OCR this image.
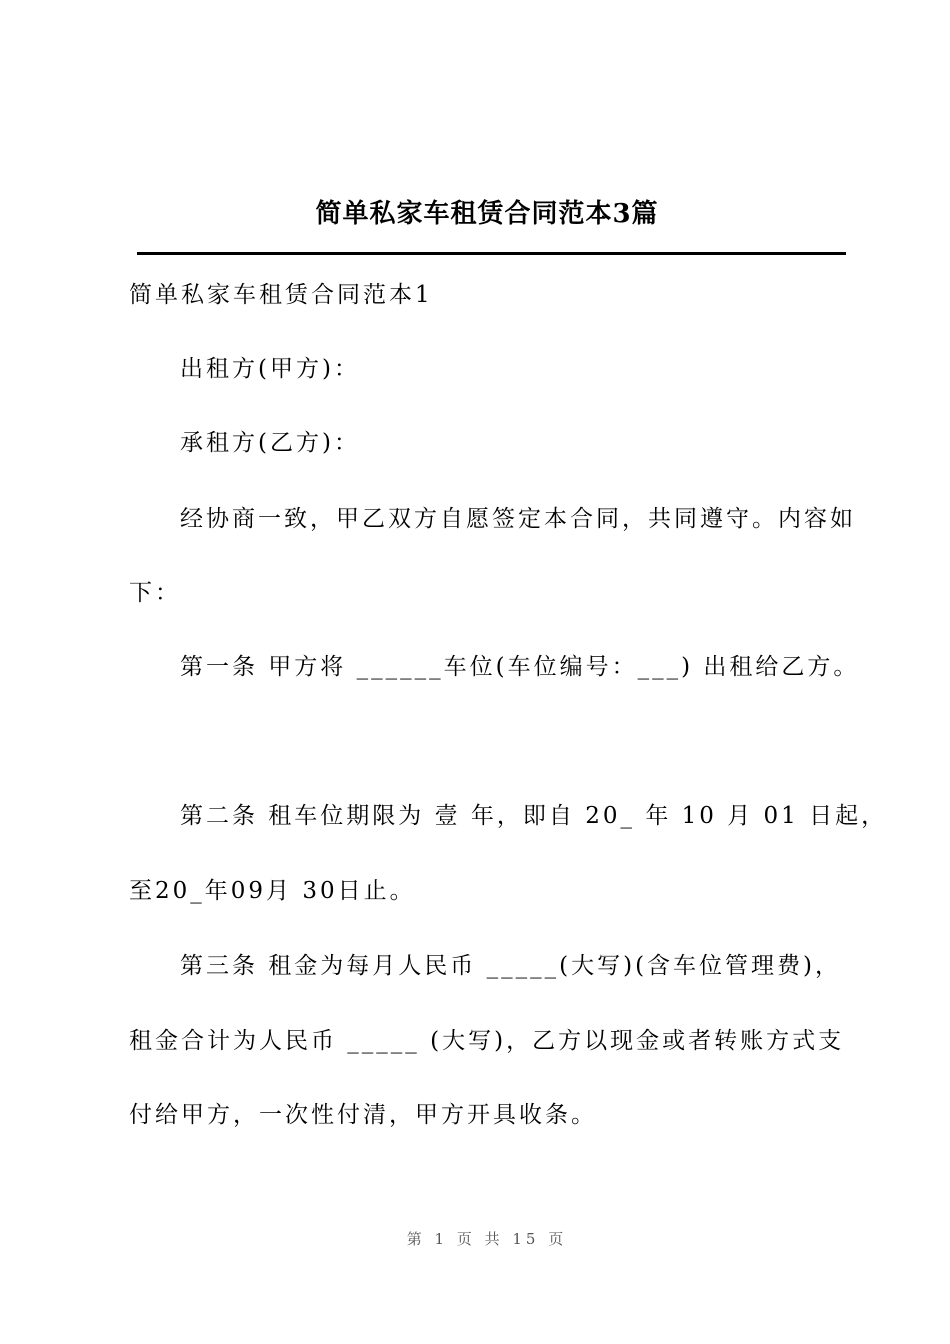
简单私家车租赁合同范本3篇
简单私家车租赁合同范本1
出租方(甲方)：
承租方(乙方)：
经协商一致，甲乙双方自愿签定本合同，共同遵守。内容如
下：
第一条 甲方将 ______车位(车位编号：___) 出租给乙方。
第二条 租车位期限为 壹 年，即自 20_ 年 10 月 01 日起，
至20_年09月 30日止。
第三条 租金为每月人民币 _____(大写)(含车位管理费)，
租金合计为人民币 _____ (大写)，乙方以现金或者转账方式支
付给甲方，一次性付清，甲方开具收条。
第 1 页 共 15 页
